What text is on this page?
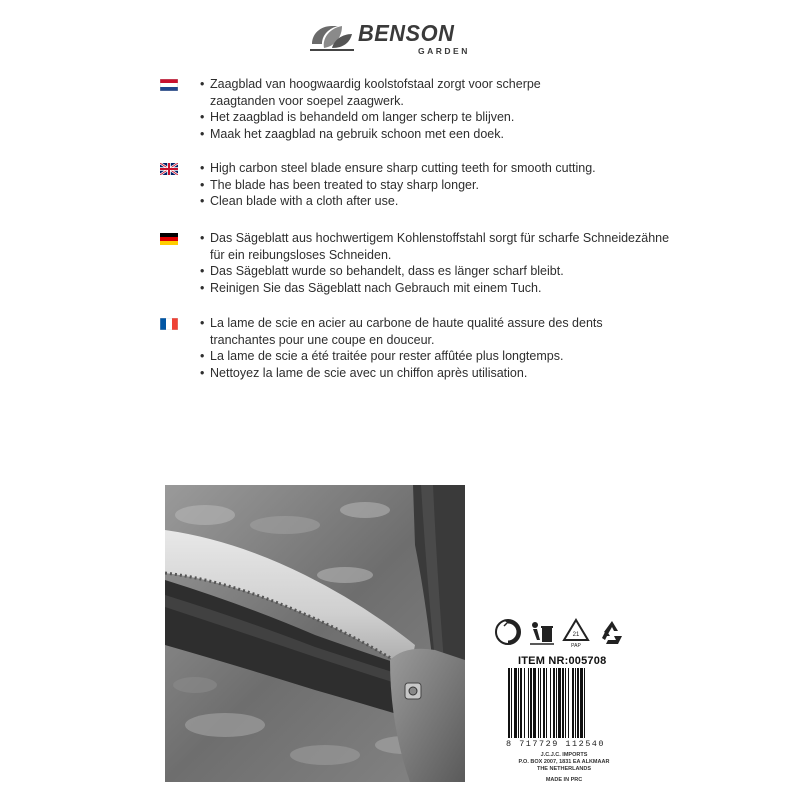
BENSON
GARDEN
• Zaagblad van hoogwaardig koolstofstaal zorgt voor scherpe
zaagtanden voor soepel zaagwerk.
• Het zaagblad is behandeld om langer scherp te blijven.
• Maak het zaagblad na gebruik schoon met een doek.
• High carbon steel blade ensure sharp cutting teeth for smooth cutting.
• The blade has been treated to stay sharp longer.
• Clean blade with a cloth after use.
• Das Sägeblatt aus hochwertigem Kohlenstoffstahl sorgt für scharfe Schneidezähne
für ein reibungsloses Schneiden.
• Das Sägeblatt wurde so behandelt, dass es länger scharf bleibt.
• Reinigen Sie das Sägeblatt nach Gebrauch mit einem Tuch.
• La lame de scie en acier au carbone de haute qualité assure des dents
tranchantes pour une coupe en douceur.
• La lame de scie a été traitée pour rester affûtée plus longtemps.
• Nettoyez la lame de scie avec un chiffon après utilisation.
21
PAP
ITEM NR:005708
8 717729 112540
J.C.J.C. IMPORTS
P.O. BOX 2007, 1831 EA ALKMAAR
THE NETHERLANDS
MADE IN PRC
